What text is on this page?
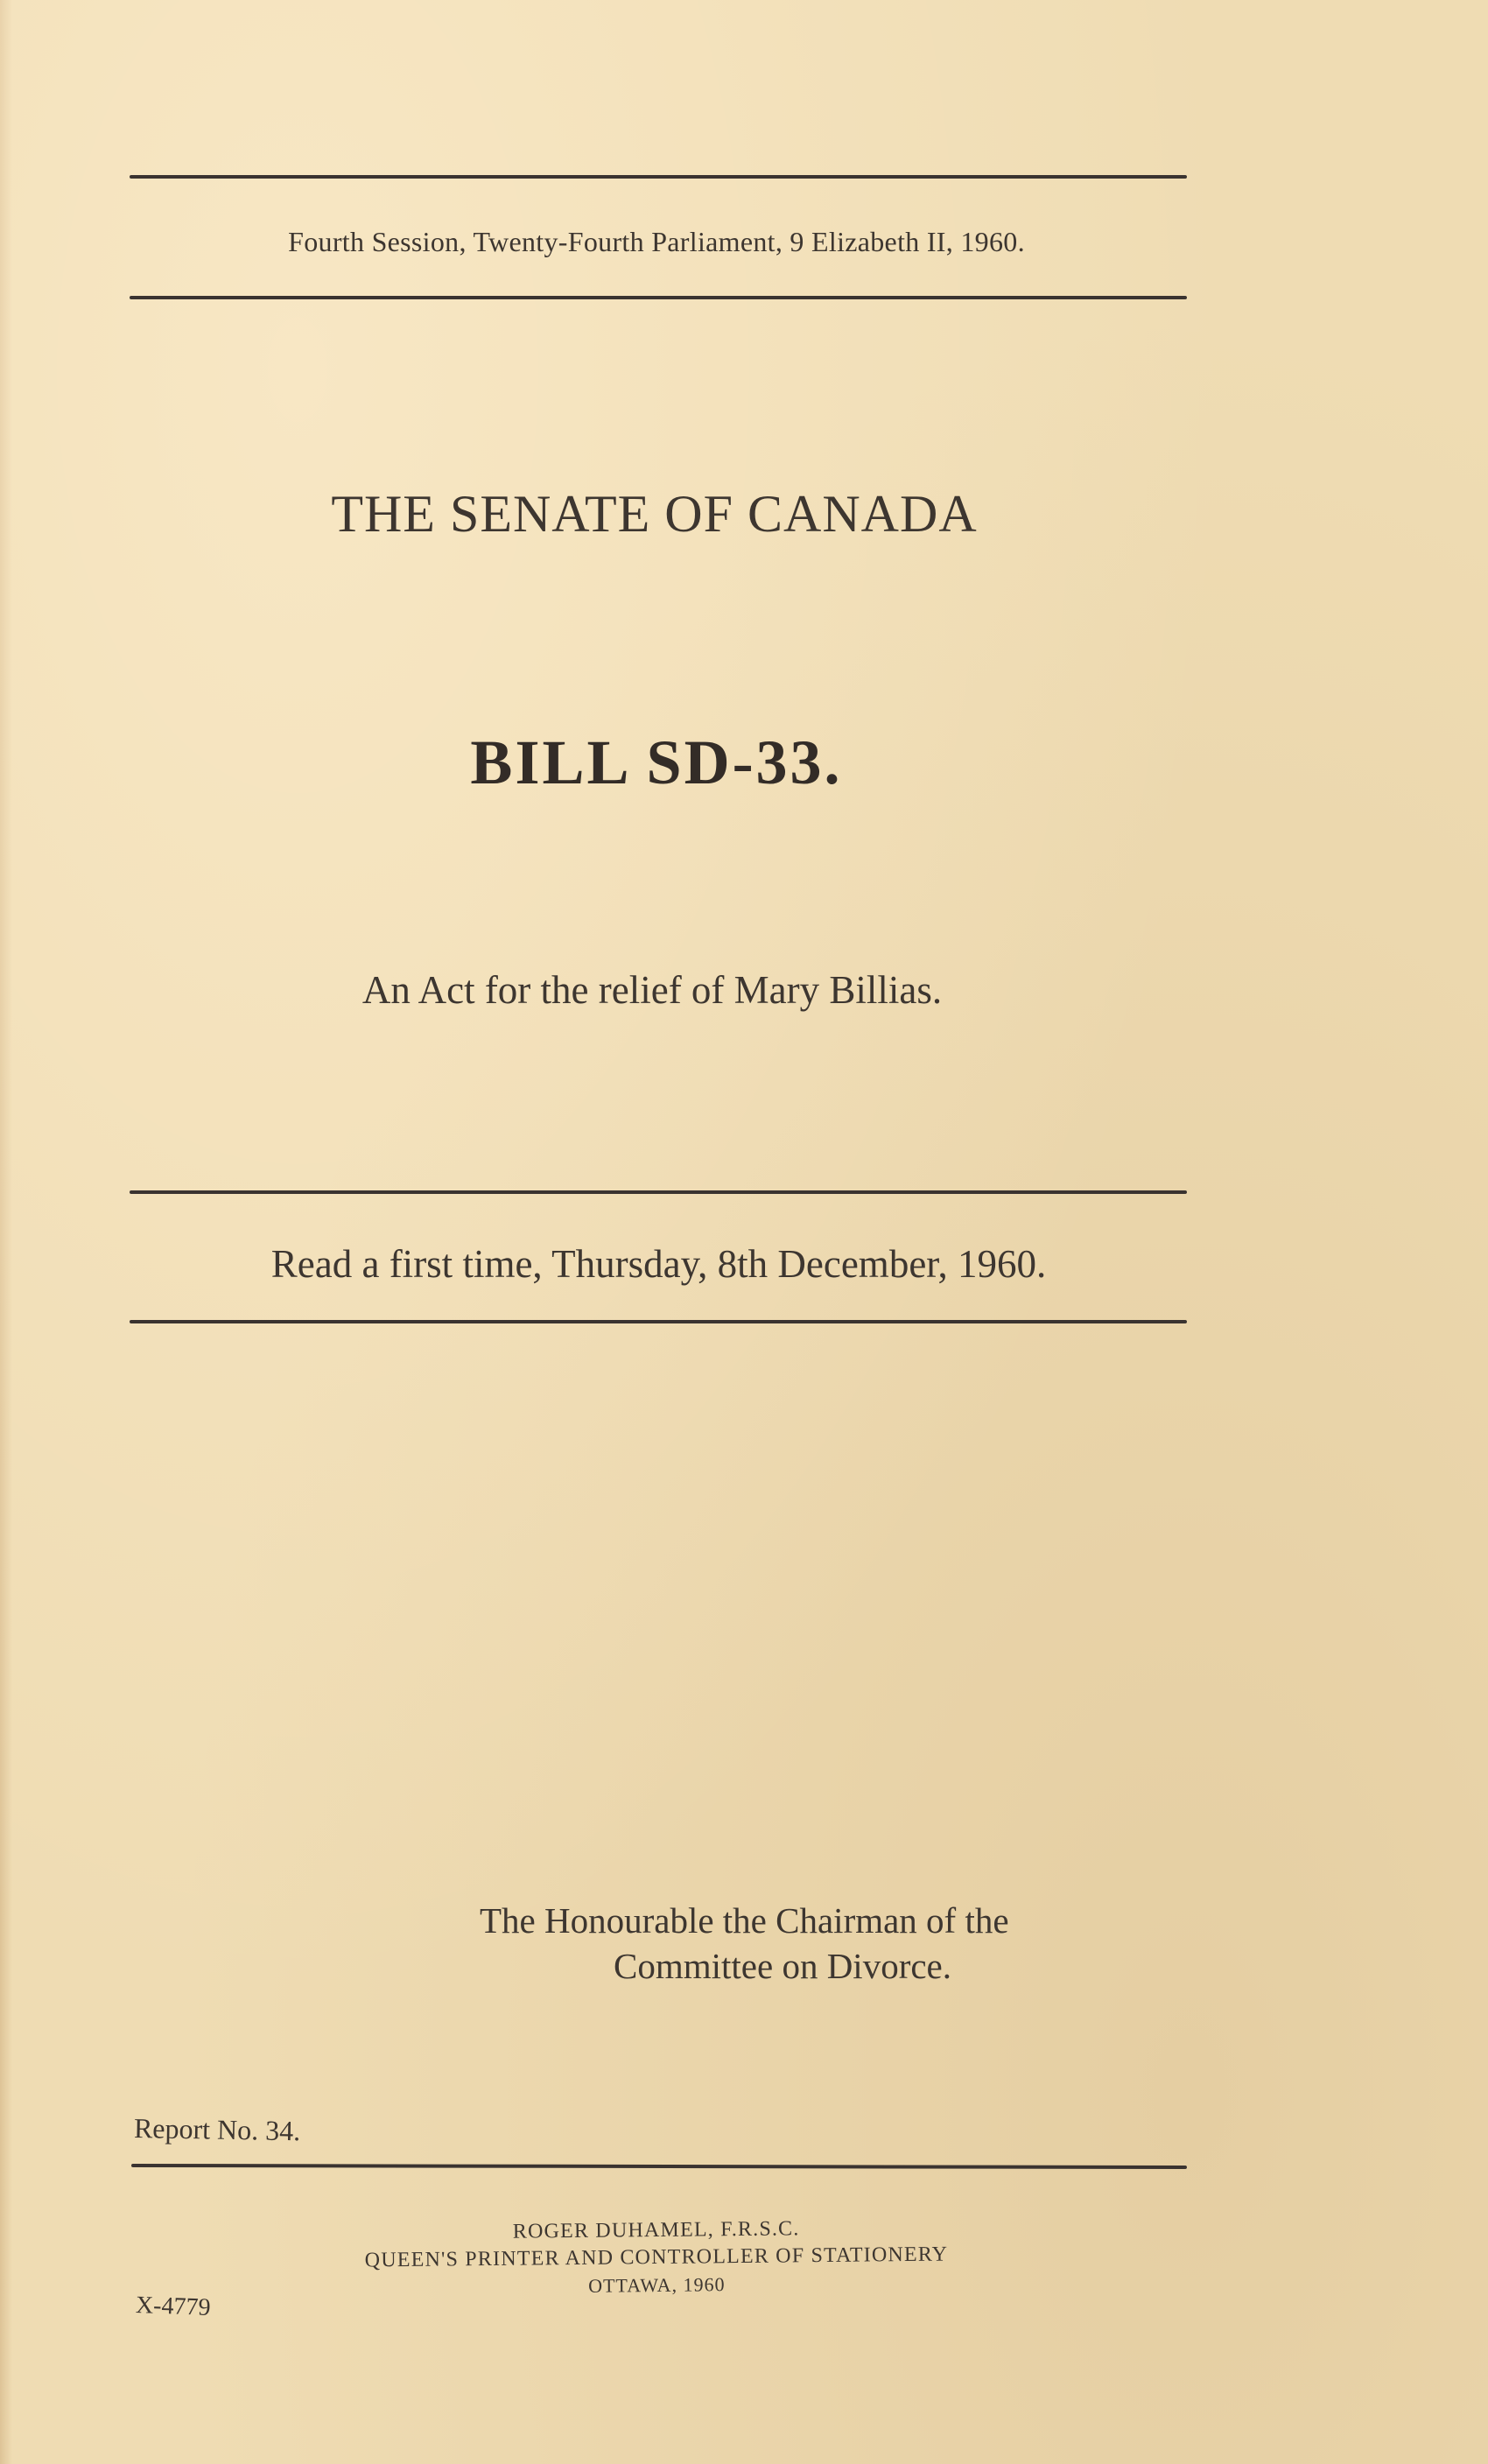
Fourth Session, Twenty-Fourth Parliament, 9 Elizabeth II, 1960.
THE SENATE OF CANADA
BILL SD-33.
An Act for the relief of Mary Billias.
Read a first time, Thursday, 8th December, 1960.
The Honourable the Chairman of the
Committee on Divorce.
Report No. 34.
ROGER DUHAMEL, F.R.S.C.
QUEEN'S PRINTER AND CONTROLLER OF STATIONERY
OTTAWA, 1960
X-4779
